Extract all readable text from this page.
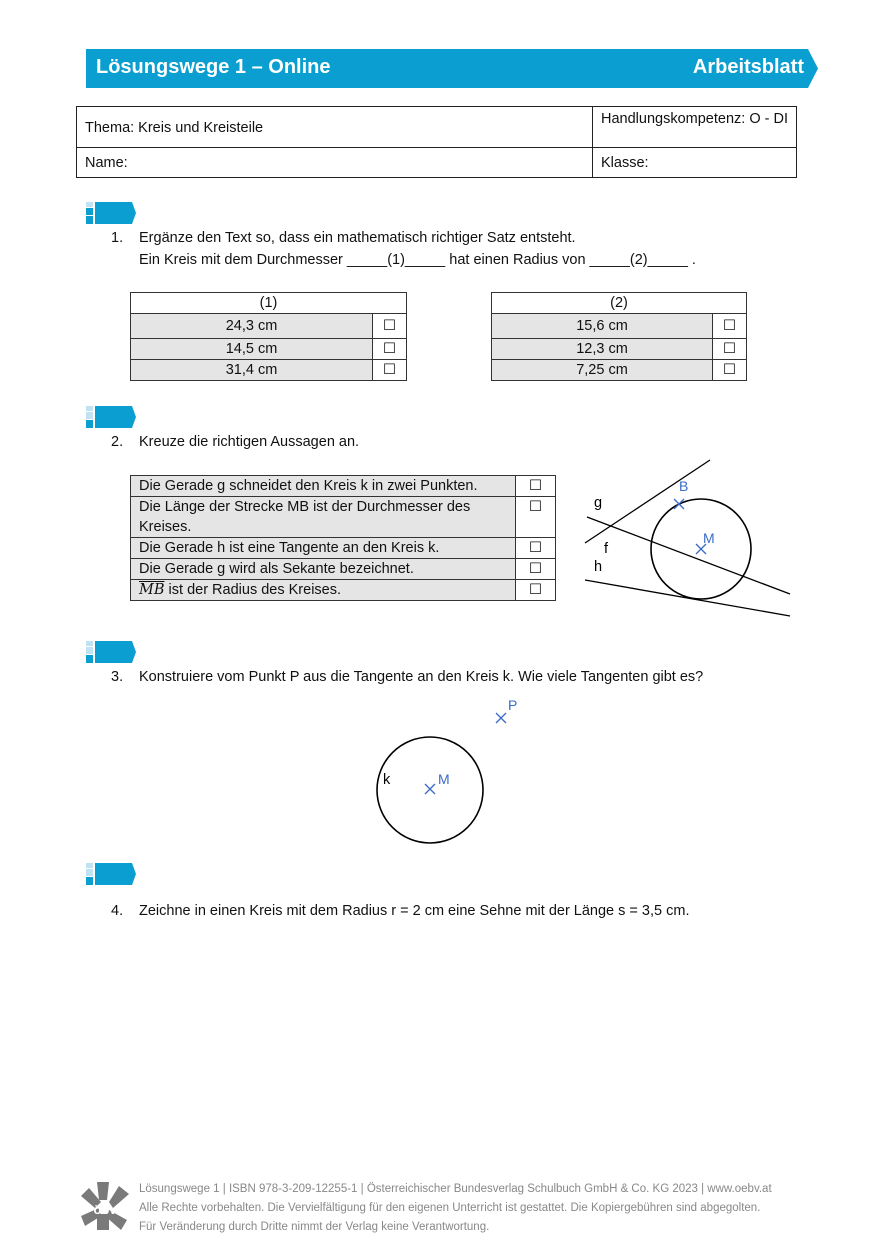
Lösungswege 1 – Online	Arbeitsblatt
Thema: Kreis und Kreisteile	Handlungskompetenz: O - DI
Name:	Klasse:
1. Ergänze den Text so, dass ein mathematisch richtiger Satz entsteht.
Ein Kreis mit dem Durchmesser _____(1)_____ hat einen Radius von _____(2)_____ .
(1)	
24,3 cm	☐
14,5 cm	☐
31,4 cm	☐
(2)	
15,6 cm	☐
12,3 cm	☐
7,25 cm	☐
2. Kreuze die richtigen Aussagen an.
Die Gerade g schneidet den Kreis k in zwei Punkten.	☐
Die Länge der Strecke MB ist der Durchmesser des Kreises.	☐
Die Gerade h ist eine Tangente an den Kreis k.	☐
Die Gerade g wird als Sekante bezeichnet.	☐
$\overline{MB}$ ist der Radius des Kreises.	☐
g
f
h
B
M
3. Konstruiere vom Punkt P aus die Tangente an den Kreis k. Wie viele Tangenten gibt es?
P
M
k
4. Zeichne in einen Kreis mit dem Radius r = 2 cm eine Sehne mit der Länge s = 3,5 cm.
öbv
Lösungswege 1 | ISBN 978-3-209-12255-1 | Österreichischer Bundesverlag Schulbuch GmbH & Co. KG 2023 | www.oebv.at
Alle Rechte vorbehalten. Die Vervielfältigung für den eigenen Unterricht ist gestattet. Die Kopiergebühren sind abgegolten.
Für Veränderung durch Dritte nimmt der Verlag keine Verantwortung.
